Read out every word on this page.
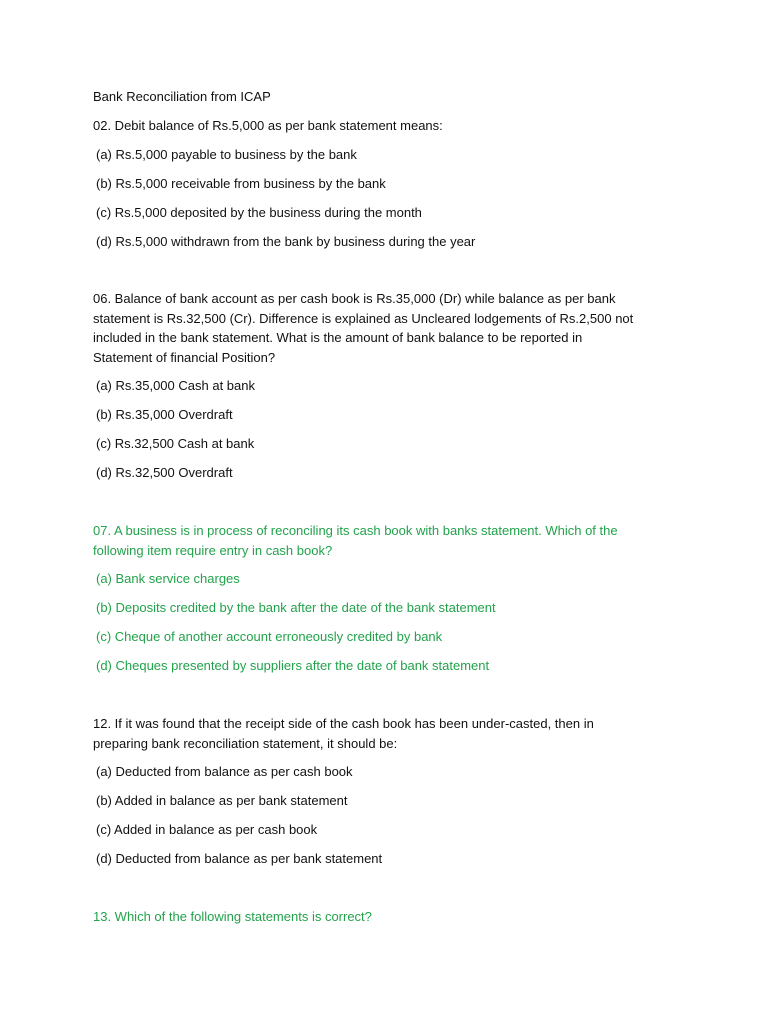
Bank Reconciliation from ICAP
02. Debit balance of Rs.5,000 as per bank statement means:
(a) Rs.5,000 payable to business by the bank
(b) Rs.5,000 receivable from business by the bank
(c) Rs.5,000 deposited by the business during the month
(d) Rs.5,000 withdrawn from the bank by business during the year
06. Balance of bank account as per cash book is Rs.35,000 (Dr) while balance as per bank
statement is Rs.32,500 (Cr). Difference is explained as Uncleared lodgements of Rs.2,500 not
included in the bank statement. What is the amount of bank balance to be reported in
Statement of financial Position?
(a) Rs.35,000 Cash at bank
(b) Rs.35,000 Overdraft
(c) Rs.32,500 Cash at bank
(d) Rs.32,500 Overdraft
07. A business is in process of reconciling its cash book with banks statement. Which of the
following item require entry in cash book?
(a) Bank service charges
(b) Deposits credited by the bank after the date of the bank statement
(c) Cheque of another account erroneously credited by bank
(d) Cheques presented by suppliers after the date of bank statement
12. If it was found that the receipt side of the cash book has been under-casted, then in
preparing bank reconciliation statement, it should be:
(a) Deducted from balance as per cash book
(b) Added in balance as per bank statement
(c) Added in balance as per cash book
(d) Deducted from balance as per bank statement
13. Which of the following statements is correct?
